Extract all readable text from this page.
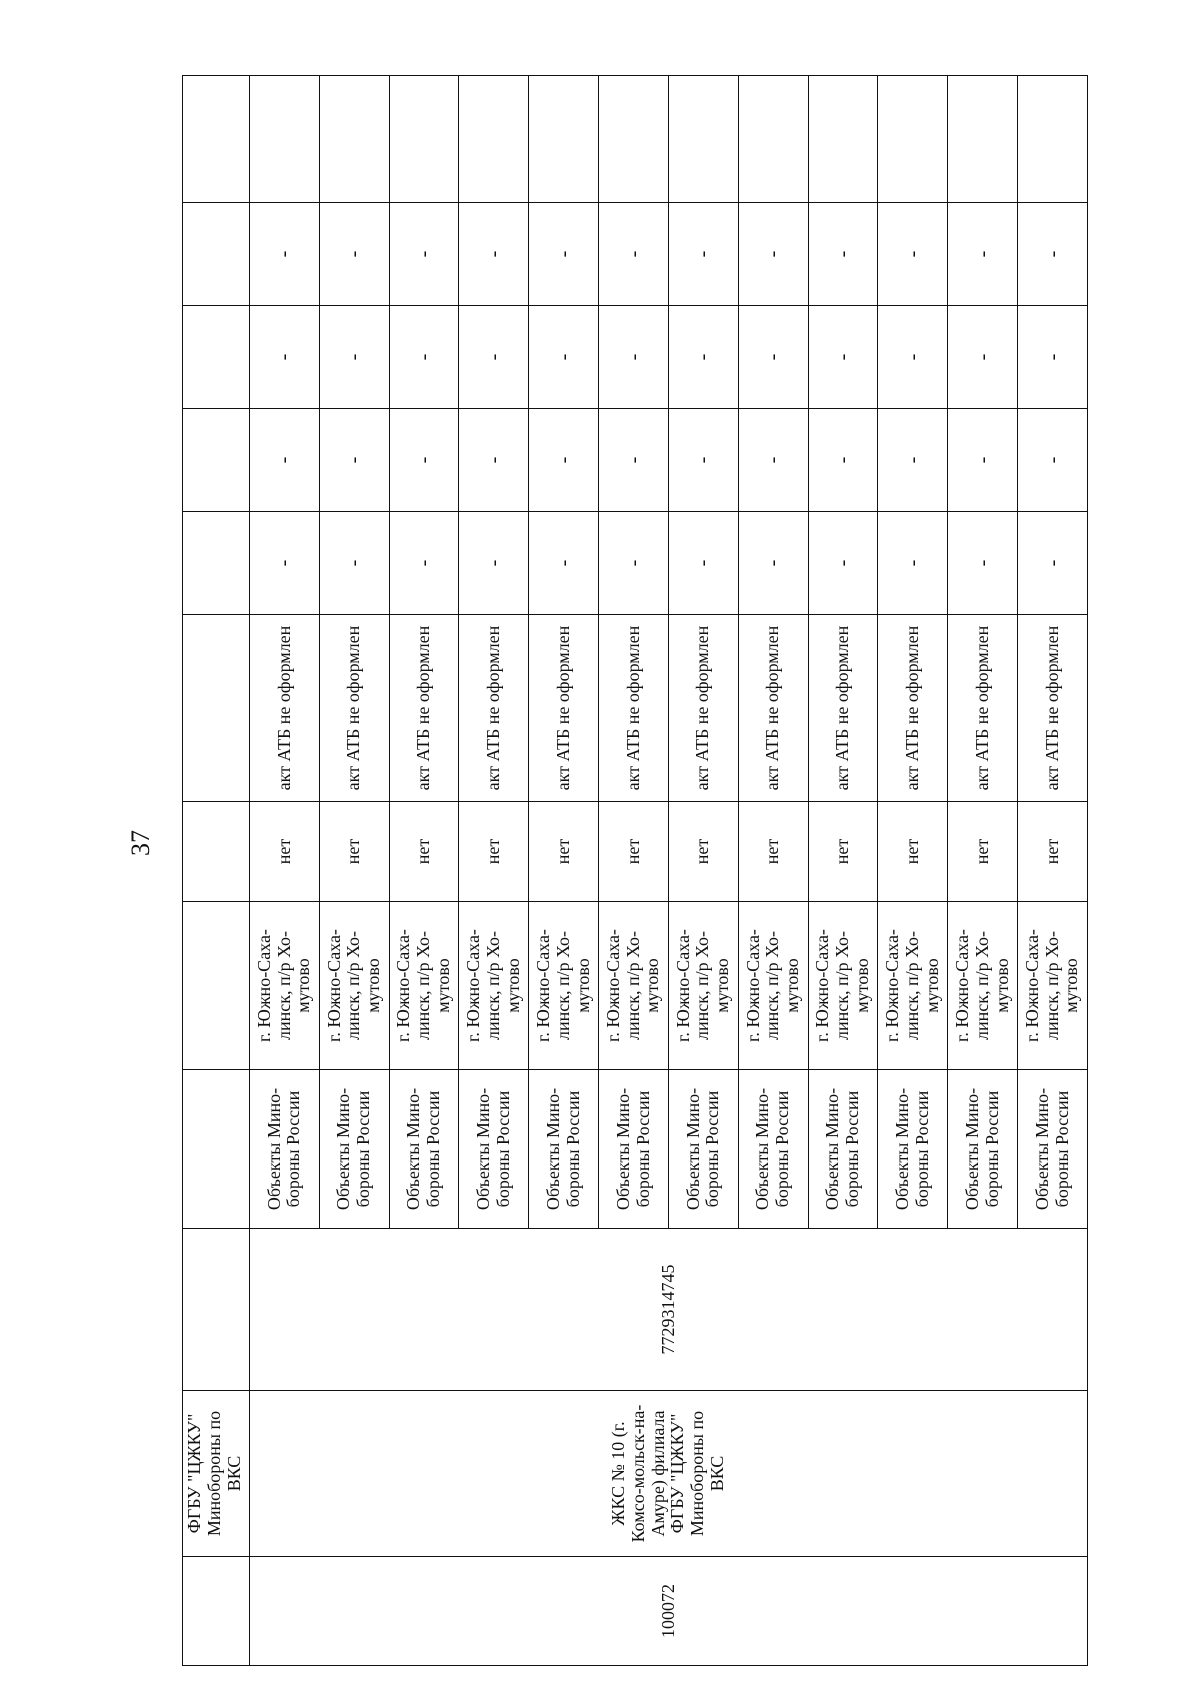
37
	ФГБУ "ЦЖКУ" Минобороны по ВКС										
100072	ЖКС № 10 (г. Комсо-мольск-на-Амуре) филиала ФГБУ "ЦЖКУ" Минобороны по ВКС	7729314745	Объекты Мино-бороны России	г. Южно-Саха-линск, п/р Хо-мутово	нет	акт АТБ не оформлен	-	-	-	-	
			Объекты Мино-бороны России	г. Южно-Саха-линск, п/р Хо-мутово	нет	акт АТБ не оформлен	-	-	-	-	
			Объекты Мино-бороны России	г. Южно-Саха-линск, п/р Хо-мутово	нет	акт АТБ не оформлен	-	-	-	-	
			Объекты Мино-бороны России	г. Южно-Саха-линск, п/р Хо-мутово	нет	акт АТБ не оформлен	-	-	-	-	
			Объекты Мино-бороны России	г. Южно-Саха-линск, п/р Хо-мутово	нет	акт АТБ не оформлен	-	-	-	-	
			Объекты Мино-бороны России	г. Южно-Саха-линск, п/р Хо-мутово	нет	акт АТБ не оформлен	-	-	-	-	
			Объекты Мино-бороны России	г. Южно-Саха-линск, п/р Хо-мутово	нет	акт АТБ не оформлен	-	-	-	-	
			Объекты Мино-бороны России	г. Южно-Саха-линск, п/р Хо-мутово	нет	акт АТБ не оформлен	-	-	-	-	
			Объекты Мино-бороны России	г. Южно-Саха-линск, п/р Хо-мутово	нет	акт АТБ не оформлен	-	-	-	-	
			Объекты Мино-бороны России	г. Южно-Саха-линск, п/р Хо-мутово	нет	акт АТБ не оформлен	-	-	-	-	
			Объекты Мино-бороны России	г. Южно-Саха-линск, п/р Хо-мутово	нет	акт АТБ не оформлен	-	-	-	-	
			Объекты Мино-бороны России	г. Южно-Саха-линск, п/р Хо-мутово	нет	акт АТБ не оформлен	-	-	-	-	
